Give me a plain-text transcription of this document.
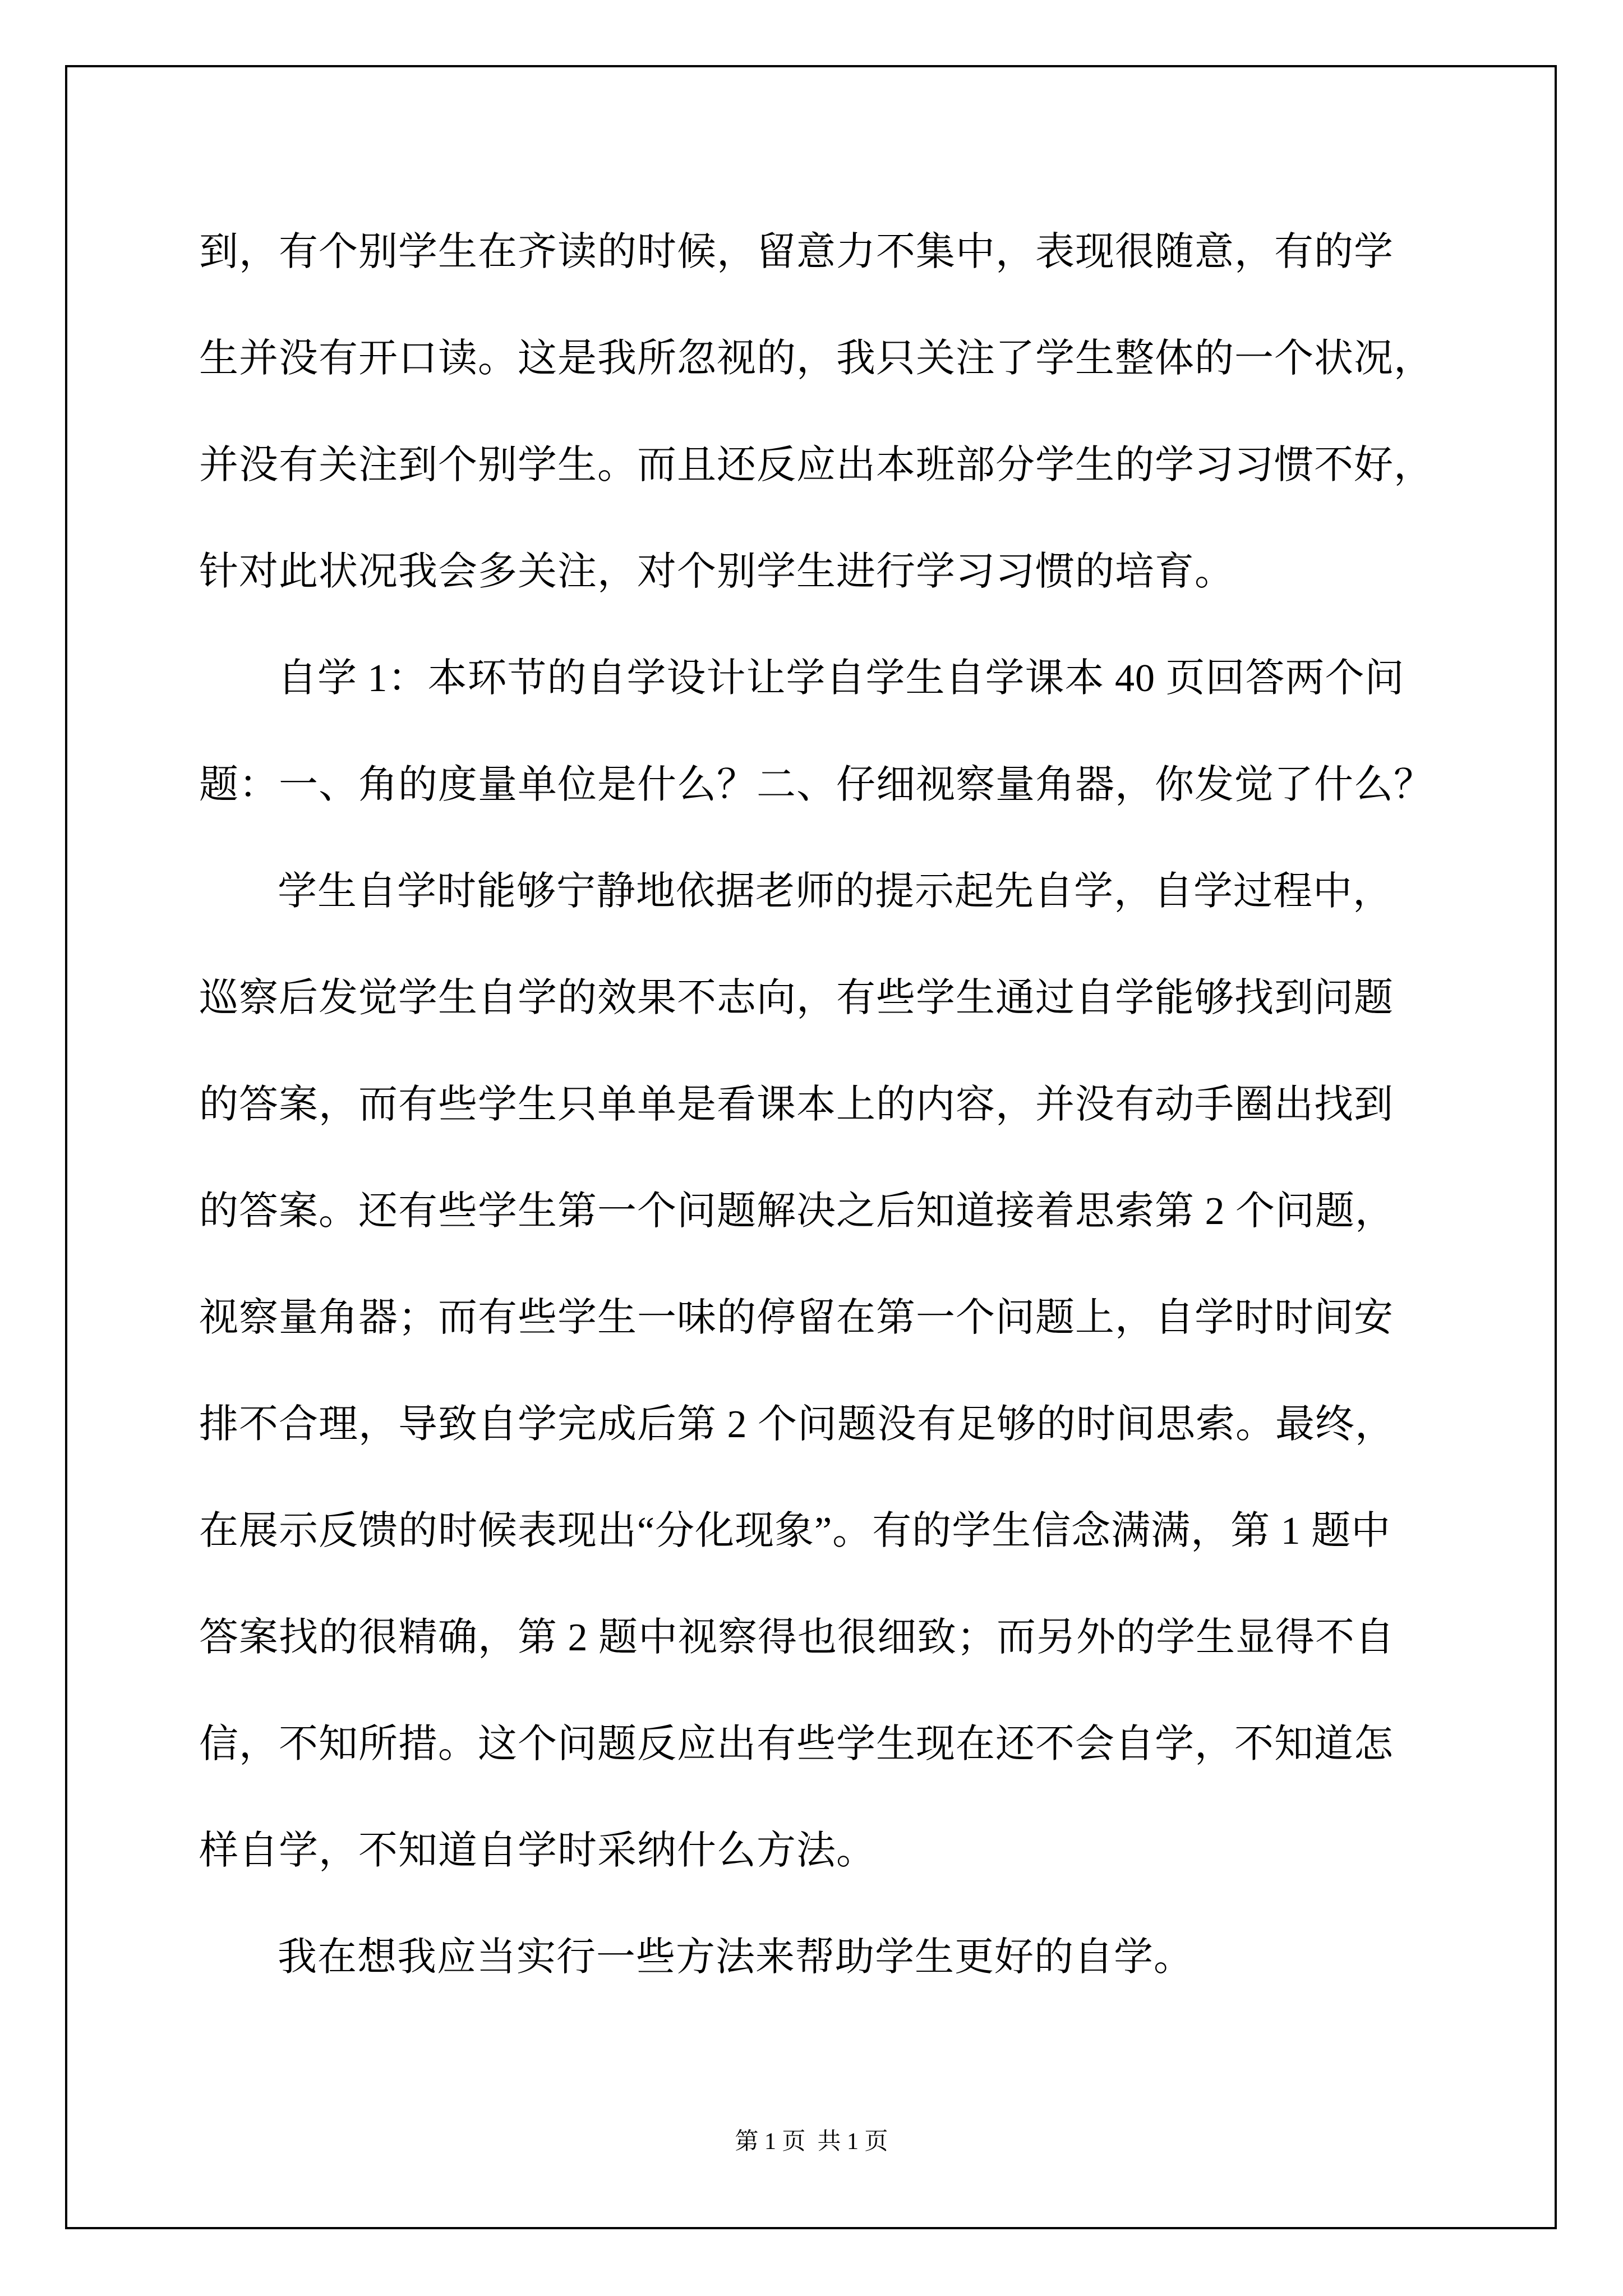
到，有个别学生在齐读的时候，留意力不集中，表现很随意，有的学
生并没有开口读。这是我所忽视的，我只关注了学生整体的一个状况，
并没有关注到个别学生。而且还反应出本班部分学生的学习习惯不好，
针对此状况我会多关注，对个别学生进行学习习惯的培育。
自学 1：本环节的自学设计让学自学生自学课本 40 页回答两个问
题：一、角的度量单位是什么？二、仔细视察量角器，你发觉了什么？
学生自学时能够宁静地依据老师的提示起先自学，自学过程中，
巡察后发觉学生自学的效果不志向，有些学生通过自学能够找到问题
的答案，而有些学生只单单是看课本上的内容，并没有动手圈出找到
的答案。还有些学生第一个问题解决之后知道接着思索第 2 个问题，
视察量角器；而有些学生一味的停留在第一个问题上，自学时时间安
排不合理，导致自学完成后第 2 个问题没有足够的时间思索。最终，
在展示反馈的时候表现出“分化现象”。有的学生信念满满，第 1 题中
答案找的很精确，第 2 题中视察得也很细致；而另外的学生显得不自
信，不知所措。这个问题反应出有些学生现在还不会自学，不知道怎
样自学，不知道自学时采纳什么方法。
我在想我应当实行一些方法来帮助学生更好的自学。
第 1 页  共 1 页
